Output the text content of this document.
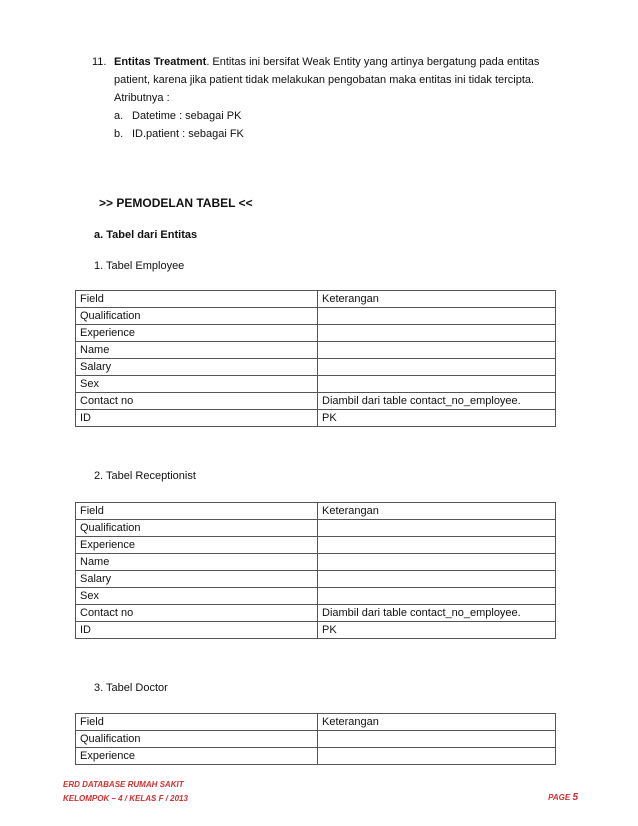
11. Entitas Treatment. Entitas ini bersifat Weak Entity yang artinya bergatung pada entitas patient, karena jika patient tidak melakukan pengobatan maka entitas ini tidak tercipta. Atributnya :
a. Datetime : sebagai PK
b. ID.patient : sebagai FK
>> PEMODELAN TABEL <<
a. Tabel dari Entitas
1. Tabel Employee
Field	Keterangan
Qualification	
Experience	
Name	
Salary	
Sex	
Contact no	Diambil dari table contact_no_employee.
ID	PK
2. Tabel Receptionist
Field	Keterangan
Qualification	
Experience	
Name	
Salary	
Sex	
Contact no	Diambil dari table contact_no_employee.
ID	PK
3. Tabel Doctor
Field	Keterangan
Qualification	
Experience	
ERD DATABASE RUMAH SAKIT
KELOMPOK – 4 / KELAS F / 2013	PAGE 5
